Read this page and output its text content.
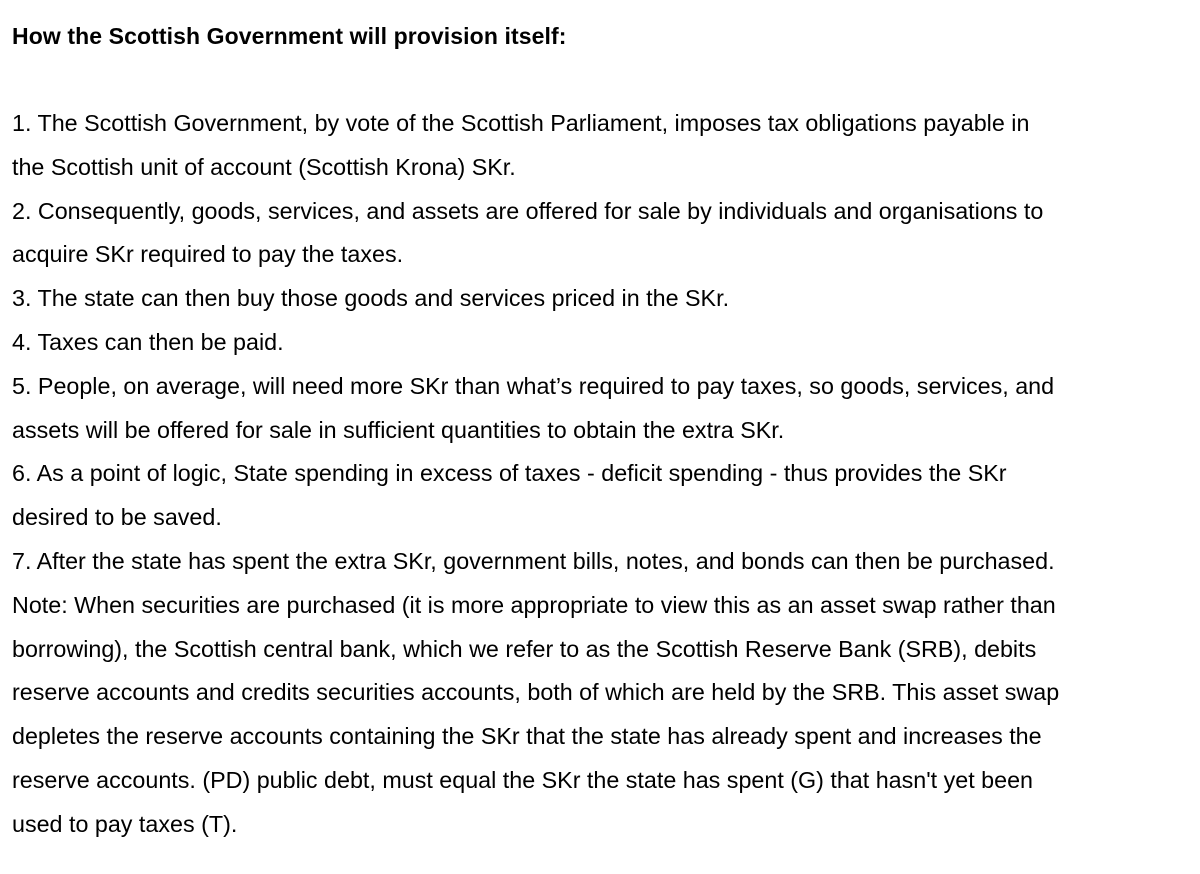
How the Scottish Government will provision itself:
1. The Scottish Government, by vote of the Scottish Parliament, imposes tax obligations payable in
the Scottish unit of account (Scottish Krona) SKr.
2. Consequently, goods, services, and assets are offered for sale by individuals and organisations to
acquire SKr required to pay the taxes.
3. The state can then buy those goods and services priced in the SKr.
4. Taxes can then be paid.
5. People, on average, will need more SKr than what’s required to pay taxes, so goods, services, and
assets will be offered for sale in sufficient quantities to obtain the extra SKr.
6. As a point of logic, State spending in excess of taxes - deficit spending - thus provides the SKr
desired to be saved.
7. After the state has spent the extra SKr, government bills, notes, and bonds can then be purchased.
Note: When securities are purchased (it is more appropriate to view this as an asset swap rather than
borrowing), the Scottish central bank, which we refer to as the Scottish Reserve Bank (SRB), debits
reserve accounts and credits securities accounts, both of which are held by the SRB. This asset swap
depletes the reserve accounts containing the SKr that the state has already spent and increases the
reserve accounts. (PD) public debt, must equal the SKr the state has spent (G) that hasn't yet been
used to pay taxes (T).
